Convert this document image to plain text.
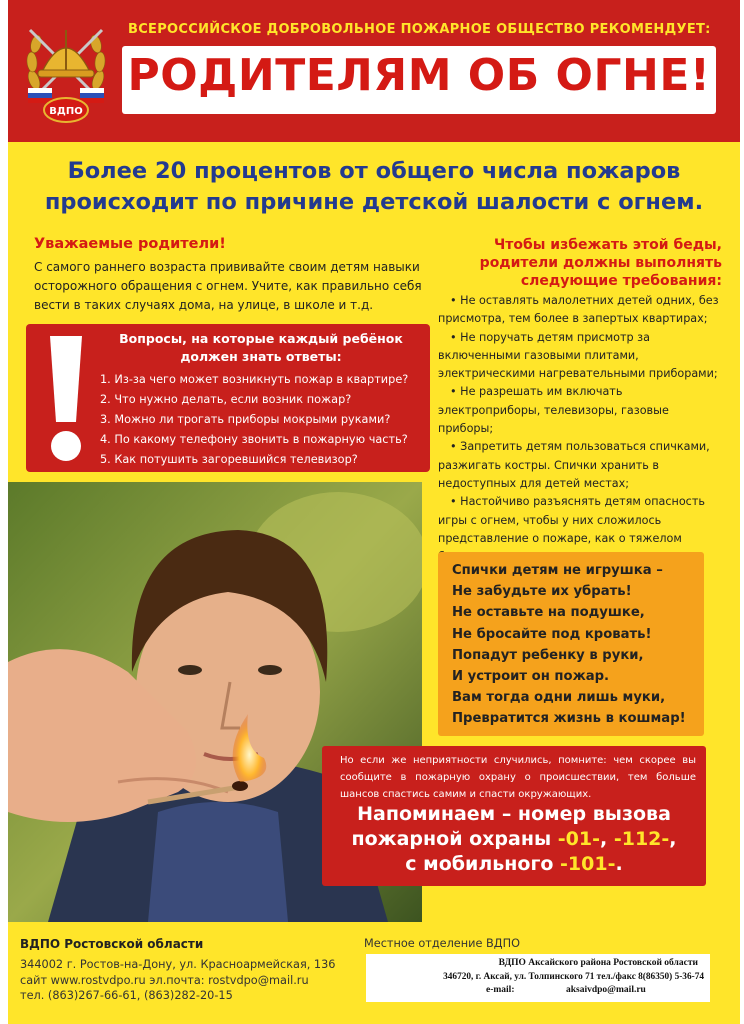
ВДПО
ВСЕРОССИЙСКОЕ ДОБРОВОЛЬНОЕ ПОЖАРНОЕ ОБЩЕСТВО РЕКОМЕНДУЕТ:
РОДИТЕЛЯМ ОБ ОГНЕ!
Более 20 процентов от общего числа пожаров
происходит по причине детской шалости с огнем.
Уважаемые родители!
С самого раннего возраста прививайте своим детям навыки осторожного обращения с огнем. Учите, как правильно себя вести в таких случаях дома, на улице, в школе и т.д.
Вопросы, на которые каждый ребёнок
должен знать ответы:
1. Из-за чего может возникнуть пожар в квартире?
2. Что нужно делать, если возник пожар?
3. Можно ли трогать приборы мокрыми руками?
4. По какому телефону звонить в пожарную часть?
5. Как потушить загоревшийся телевизор?
Чтобы избежать этой беды,
родители должны выполнять
следующие требования:
• Не оставлять малолетних детей одних, без присмотра, тем более в запертых квартирах;
• Не поручать детям присмотр за включенными газовыми плитами, электрическими нагревательными приборами;
• Не разрешать им включать электроприборы, телевизоры, газовые приборы;
• Запретить детям пользоваться спичками, разжигать костры. Спички хранить в недоступных для детей местах;
• Настойчиво разъяснять детям опасность игры с огнем, чтобы у них сложилось представление о пожаре, как о тяжелом
Спички детям не игрушка –
Не забудьте их убрать!
Не оставьте на подушке,
Не бросайте под кровать!
Попадут ребенку в руки,
И устроит он пожар.
Вам тогда одни лишь муки,
Превратится жизнь в кошмар!
Но если же неприятности случились, помните: чем скорее вы сообщите в пожарную охрану о происшествии, тем больше шансов спастись самим и спасти окружающих.
Напоминаем – номер вызова
пожарной охраны -01-, -112-,
с мобильного -101-.
ВДПО Ростовской области
344002 г. Ростов-на-Дону, ул. Красноармейская, 136
сайт www.rostvdpo.ru эл.почта: rostvdpo@mail.ru
тел. (863)267-66-61, (863)282-20-15
Местное отделение ВДПО
ВДПО Аксайского района Ростовской области
346720, г. Аксай, ул. Толпинского 71 тел./факс 8(86350) 5-36-74
e-mail:	aksaivdpo@mail.ru
